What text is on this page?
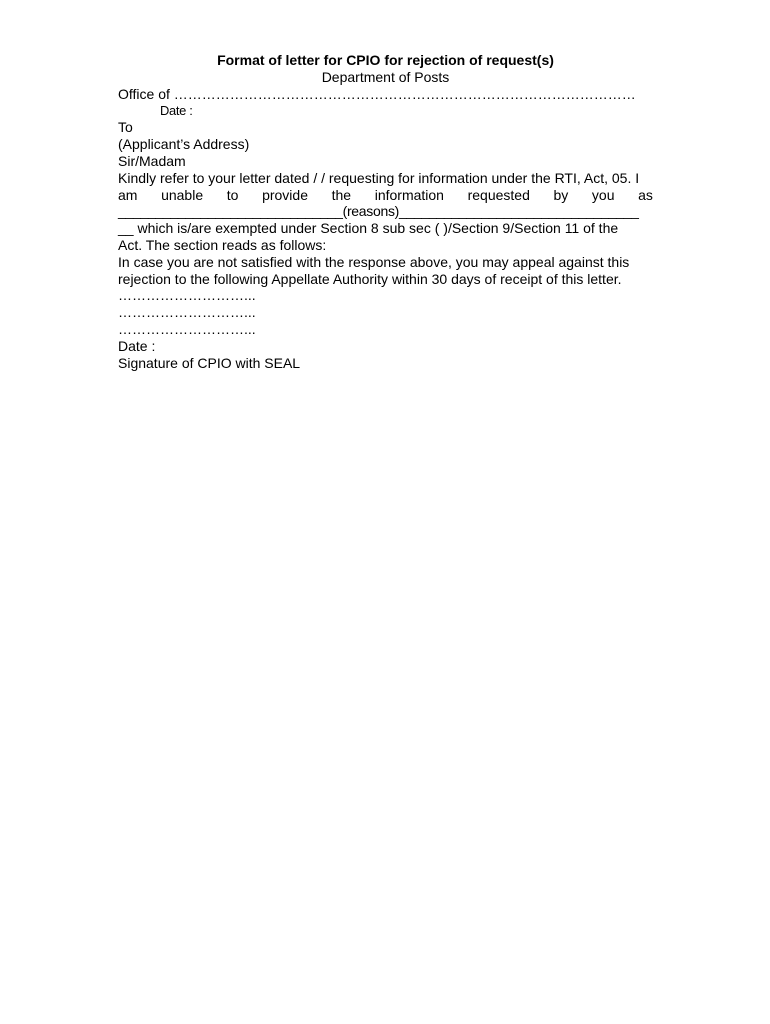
Format of letter for CPIO for rejection of request(s)
Department of Posts
Office of ………………………………………………………………………………………
Date :
To
(Applicant’s Address)
Sir/Madam
Kindly refer to your letter dated / / requesting for information under the RTI, Act, 05. I
am unable to provide the information requested by you as
______________________________(reasons)________________________________
__ which is/are exempted under Section 8 sub sec ( )/Section 9/Section 11 of the
Act. The section reads as follows:
In case you are not satisfied with the response above, you may appeal against this
rejection to the following Appellate Authority within 30 days of receipt of this letter.
………………………...
………………………...
………………………...
Date :
Signature of CPIO with SEAL
